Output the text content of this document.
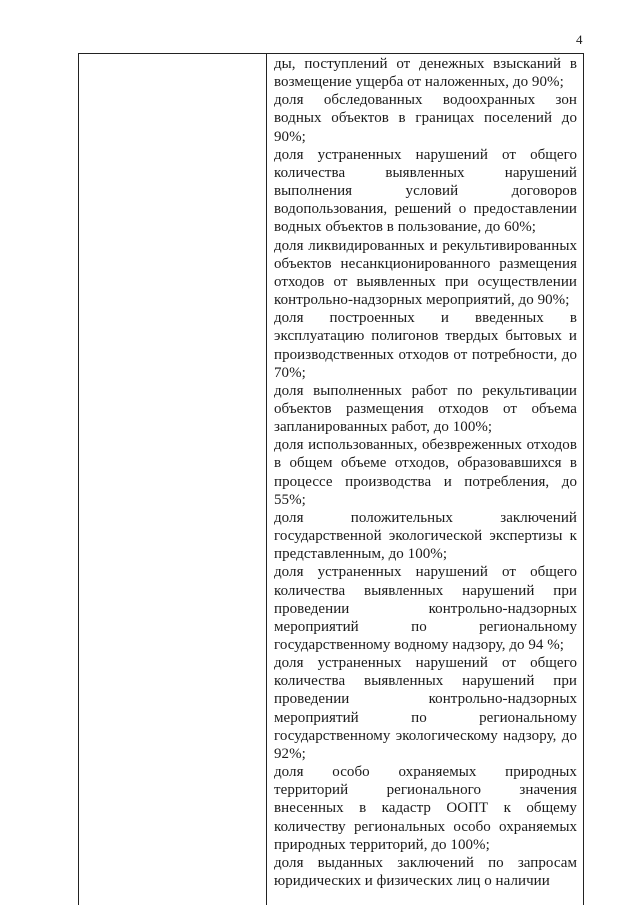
4

ды, поступлений от денежных взысканий в возмещение ущерба от наложенных, до 90%;

доля обследованных водоохранных зон водных объектов в границах поселений до 90%;

доля устраненных нарушений от общего количества выявленных нарушений выполнения условий договоров водопользования, решений о предоставлении водных объектов в пользование, до 60%;

доля ликвидированных и рекультивированных объектов несанкционированного размещения отходов от выявленных при осуществлении контрольно-надзорных мероприятий, до 90%;

доля построенных и введенных в эксплуатацию полигонов твердых бытовых и производственных отходов от потребности, до 70%;

доля выполненных работ по рекультивации объектов размещения отходов от объема запланированных работ, до 100%;

доля использованных, обезвреженных отходов в общем объеме отходов, образовавшихся в процессе производства и потребления, до 55%;

доля положительных заключений государственной экологической экспертизы к представленным, до 100%;

доля устраненных нарушений от общего количества выявленных нарушений при проведении контрольно-надзорных мероприятий по региональному государственному водному надзору, до 94 %;

доля устраненных нарушений от общего количества выявленных нарушений при проведении контрольно-надзорных мероприятий по региональному государственному экологическому надзору, до 92%;

доля особо охраняемых природных территорий регионального значения внесенных в кадастр ООПТ к общему количеству региональных особо охраняемых природных территорий, до 100%;

доля выданных заключений по запросам юридических и физических лиц о наличии
